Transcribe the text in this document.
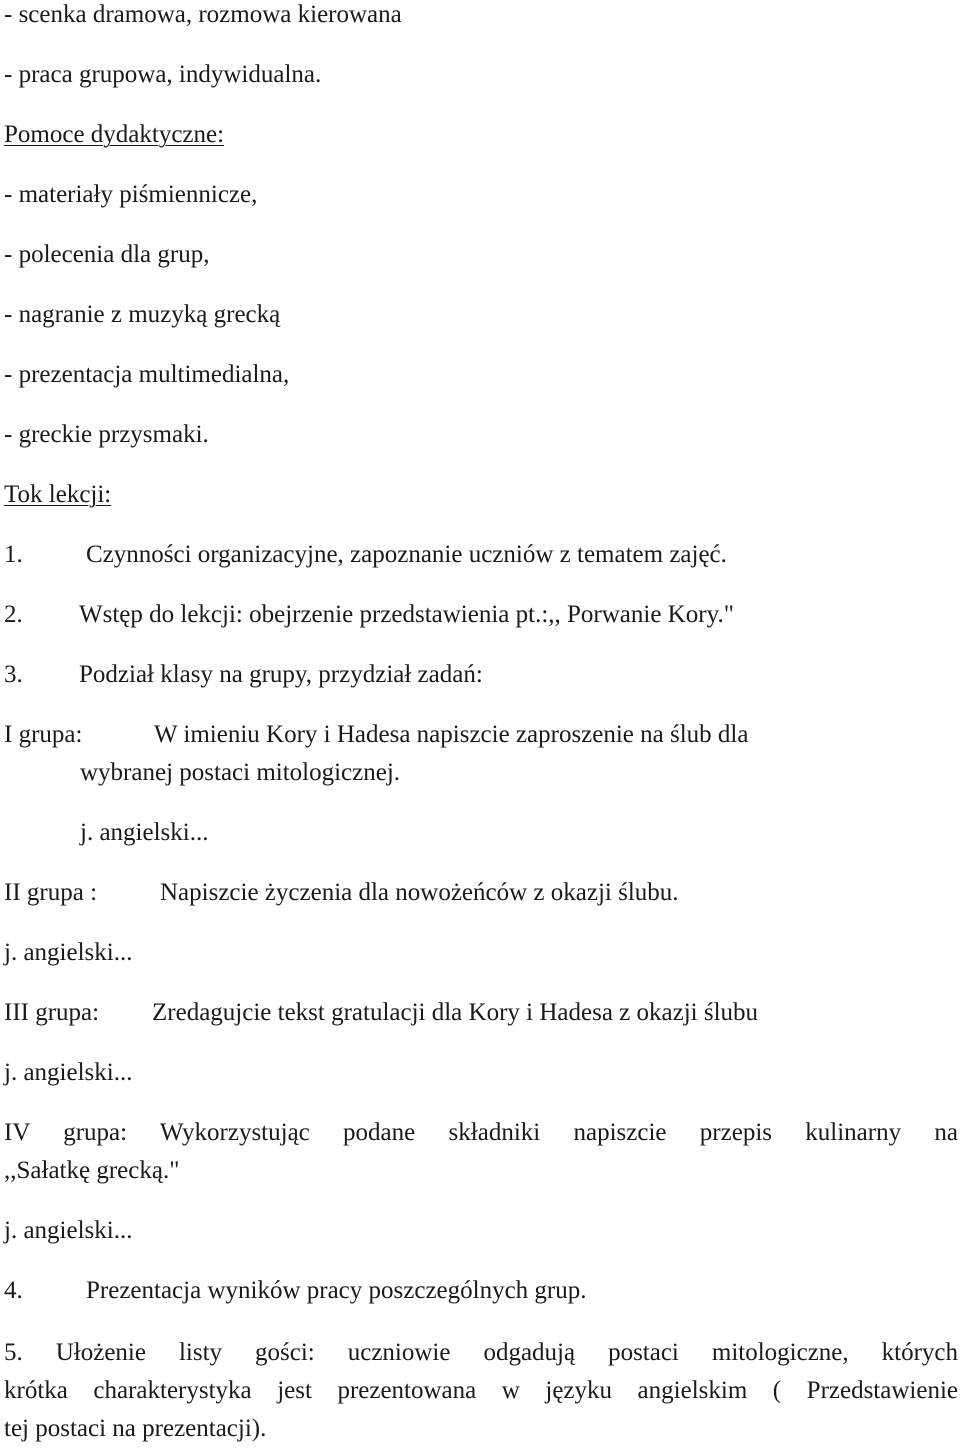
- scenka dramowa, rozmowa kierowana
- praca grupowa, indywidualna.
Pomoce dydaktyczne:
- materiały piśmiennicze,
- polecenia dla grup,
- nagranie z muzyką grecką
- prezentacja multimedialna,
- greckie przysmaki.
Tok lekcji:
1.	Czynności organizacyjne, zapoznanie uczniów z tematem zajęć.
2. Wstęp do lekcji: obejrzenie przedstawienia pt.:,, Porwanie Kory."
3. Podział klasy na grupy, przydział zadań:
I grupa:	W imieniu Kory i Hadesa napiszcie zaproszenie na ślub dla
wybranej postaci mitologicznej.
j. angielski...
II grupa :	Napiszcie życzenia dla nowożeńców z okazji ślubu.
j. angielski...
III grupa: Zredagujcie tekst gratulacji dla Kory i Hadesa z okazji ślubu
j. angielski...
IV grupa: Wykorzystując podane składniki napiszcie przepis kulinarny na
,,Sałatkę grecką."
j. angielski...
4.	Prezentacja wyników pracy poszczególnych grup.
5. Ułożenie listy gości: uczniowie odgadują postaci mitologiczne, których
krótka charakterystyka jest prezentowana w języku angielskim ( Przedstawienie
tej postaci na prezentacji).
